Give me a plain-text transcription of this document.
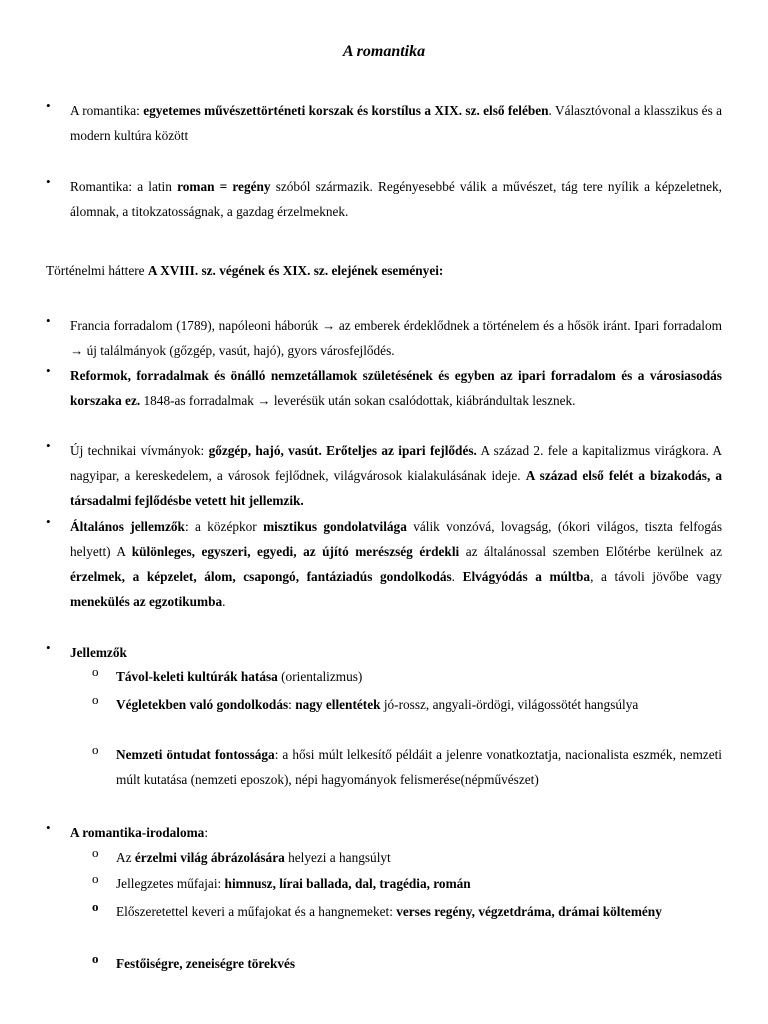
A romantika
•	A romantika: egyetemes művészettörténeti korszak és korstílus a XIX. sz. első felében. Választóvonal a klasszikus és a modern kultúra között
•	Romantika: a latin roman = regény szóból származik. Regényesebbé válik a művészet, tág tere nyílik a képzeletnek, álomnak, a titokzatosságnak, a gazdag érzelmeknek.
Történelmi háttere A XVIII. sz. végének és XIX. sz. elejének eseményei:
•	Francia forradalom (1789), napóleoni háborúk → az emberek érdeklődnek a történelem és a hősök iránt. Ipari forradalom → új találmányok (gőzgép, vasút, hajó), gyors városfejlődés.
•	Reformok, forradalmak és önálló nemzetállamok születésének és egyben az ipari forradalom és a városiasodás korszaka ez. 1848-as forradalmak → leverésük után sokan csalódottak, kiábrándultak lesznek.
•	Új technikai vívmányok: gőzgép, hajó, vasút. Erőteljes az ipari fejlődés. A század 2. fele a kapitalizmus virágkora. A nagyipar, a kereskedelem, a városok fejlődnek, világvárosok kialakulásának ideje. A század első felét a bizakodás, a társadalmi fejlődésbe vetett hit jellemzik.
•	Általános jellemzők: a középkor misztikus gondolatvilága válik vonzóvá, lovagság, (ókori világos, tiszta felfogás helyett) A különleges, egyszeri, egyedi, az újító merészség érdekli az általánossal szemben Előtérbe kerülnek az érzelmek, a képzelet, álom, csapongó, fantáziadús gondolkodás. Elvágyódás a múltba, a távoli jövőbe vagy menekülés az egzotikumba.
•	Jellemzők
o	Távol-keleti kultúrák hatása (orientalizmus)
o	Végletekben való gondolkodás: nagy ellentétek jó-rossz, angyali-ördögi, világossötét hangsúlya
o	Nemzeti öntudat fontossága: a hősi múlt lelkesítő példáit a jelenre vonatkoztatja, nacionalista eszmék, nemzeti múlt kutatása (nemzeti eposzok), népi hagyományok felismerése(népművészet)
•	A romantika-irodaloma:
o	Az érzelmi világ ábrázolására helyezi a hangsúlyt
o	Jellegzetes műfajai: himnusz, lírai ballada, dal, tragédia, román
o	Előszeretettel keveri a műfajokat és a hangnemeket: verses regény, végzetdráma, drámai költemény
o	Festőiségre, zeneiségre törekvés
